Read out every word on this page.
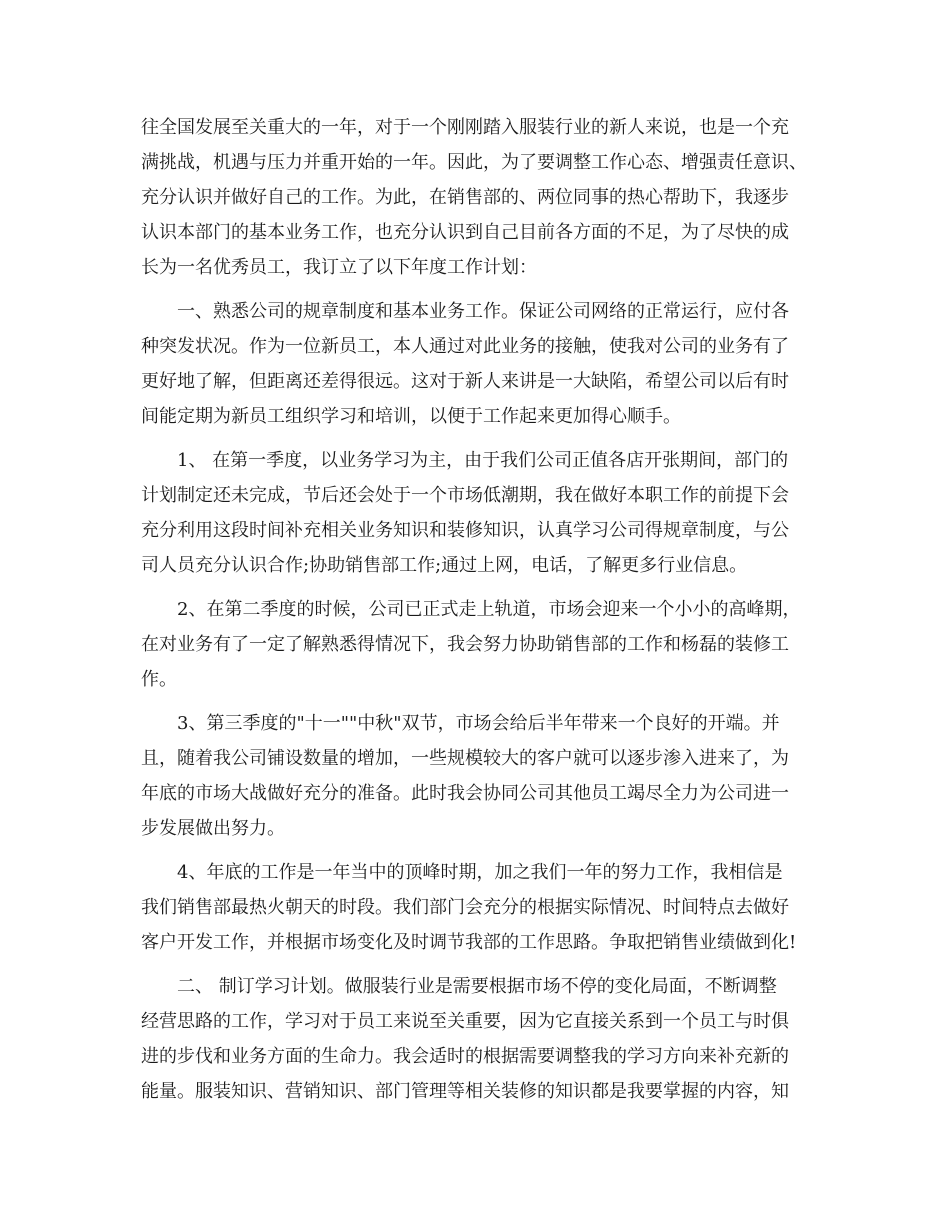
往全国发展至关重大的一年，对于一个刚刚踏入服装行业的新人来说，也是一个充
满挑战，机遇与压力并重开始的一年。因此，为了要调整工作心态、增强责任意识、
充分认识并做好自己的工作。为此，在销售部的、两位同事的热心帮助下，我逐步
认识本部门的基本业务工作，也充分认识到自己目前各方面的不足，为了尽快的成
长为一名优秀员工，我订立了以下年度工作计划：
一、熟悉公司的规章制度和基本业务工作。保证公司网络的正常运行，应付各
种突发状况。作为一位新员工，本人通过对此业务的接触，使我对公司的业务有了
更好地了解，但距离还差得很远。这对于新人来讲是一大缺陷，希望公司以后有时
间能定期为新员工组织学习和培训，以便于工作起来更加得心顺手。
1、 在第一季度，以业务学习为主，由于我们公司正值各店开张期间，部门的
计划制定还未完成，节后还会处于一个市场低潮期，我在做好本职工作的前提下会
充分利用这段时间补充相关业务知识和装修知识，认真学习公司得规章制度，与公
司人员充分认识合作;协助销售部工作;通过上网，电话，了解更多行业信息。
2、在第二季度的时候，公司已正式走上轨道，市场会迎来一个小小的高峰期，
在对业务有了一定了解熟悉得情况下，我会努力协助销售部的工作和杨磊的装修工
作。
3、第三季度的"十一""中秋"双节，市场会给后半年带来一个良好的开端。并
且，随着我公司铺设数量的增加，一些规模较大的客户就可以逐步渗入进来了，为
年底的市场大战做好充分的准备。此时我会协同公司其他员工竭尽全力为公司进一
步发展做出努力。
4、年底的工作是一年当中的顶峰时期，加之我们一年的努力工作，我相信是
我们销售部最热火朝天的时段。我们部门会充分的根据实际情况、时间特点去做好
客户开发工作，并根据市场变化及时调节我部的工作思路。争取把销售业绩做到化!
二、 制订学习计划。做服装行业是需要根据市场不停的变化局面，不断调整
经营思路的工作，学习对于员工来说至关重要，因为它直接关系到一个员工与时俱
进的步伐和业务方面的生命力。我会适时的根据需要调整我的学习方向来补充新的
能量。服装知识、营销知识、部门管理等相关装修的知识都是我要掌握的内容，知
